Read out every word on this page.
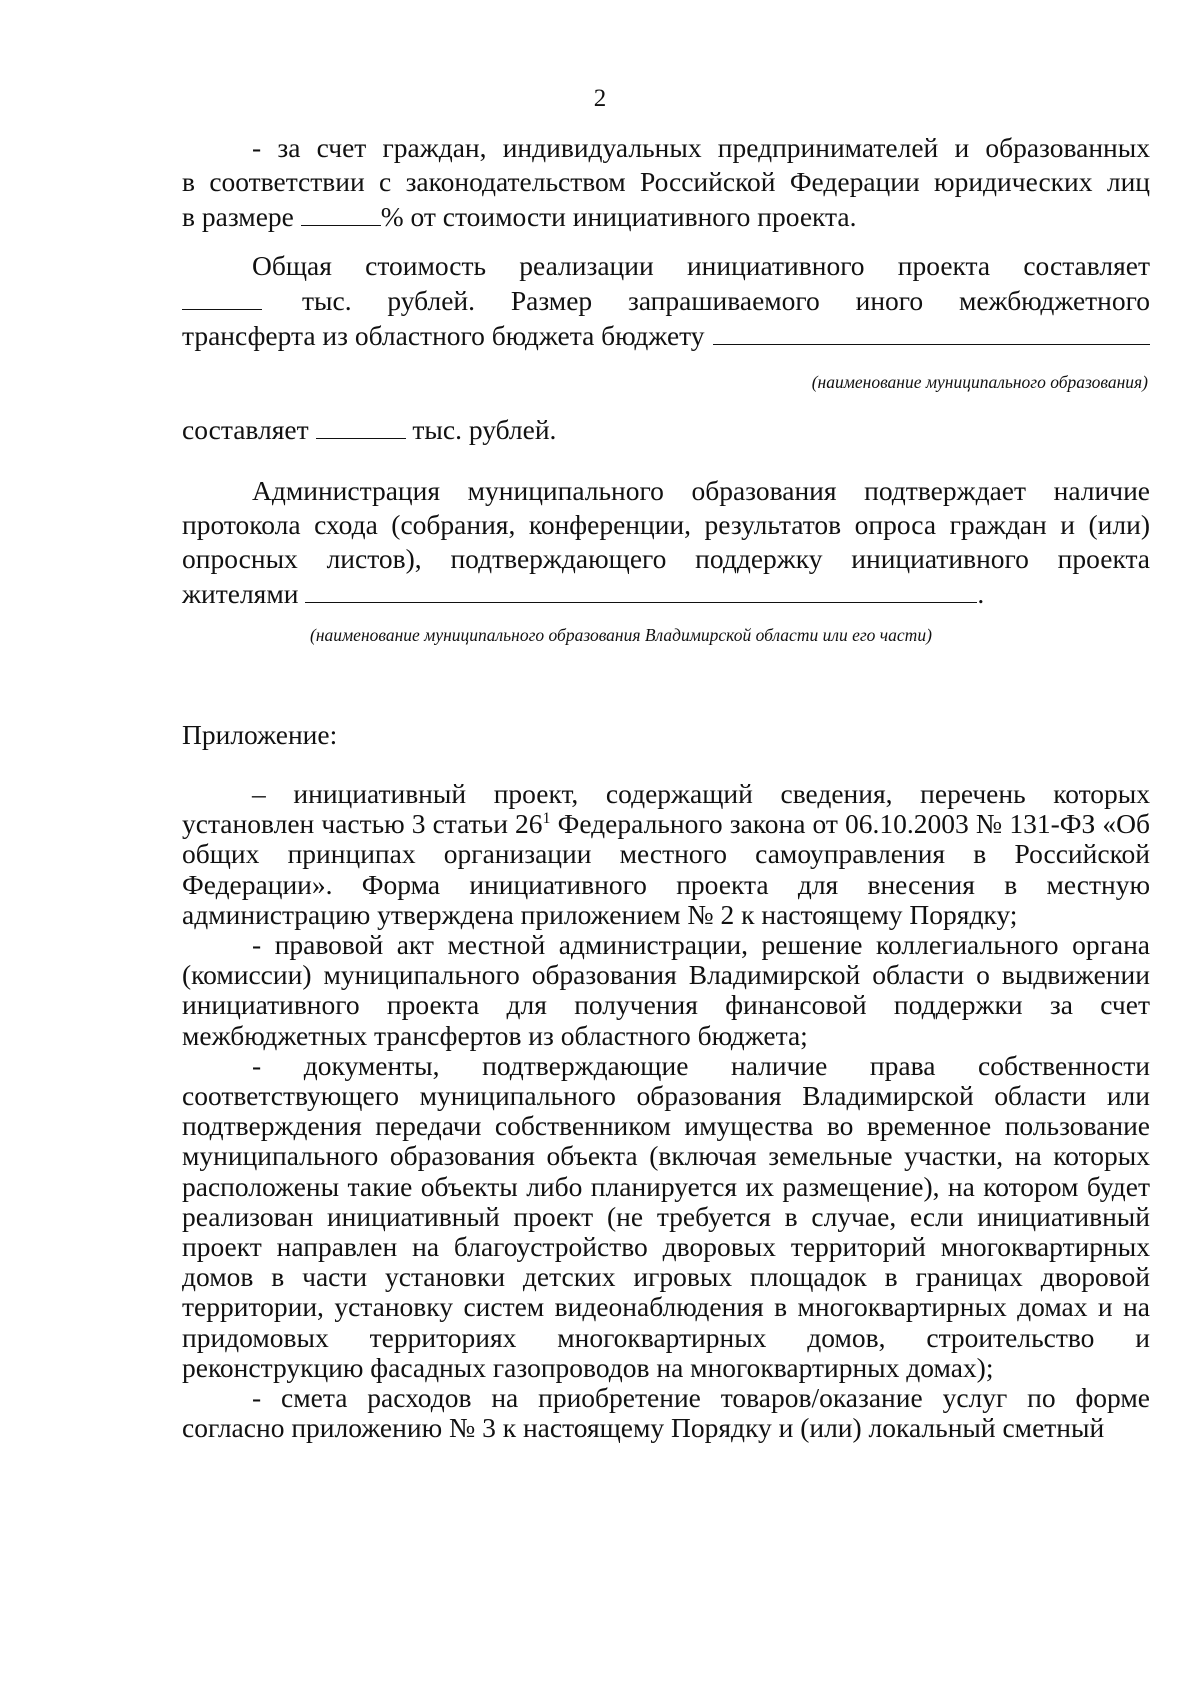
2
- за счет граждан, индивидуальных предпринимателей и образованных
в соответствии с законодательством Российской Федерации юридических лиц
в размере	% от стоимости инициативного проекта.
Общая стоимость реализации инициативного проекта составляет
тыс. рублей. Размер запрашиваемого иного межбюджетного
трансферта из областного бюджета бюджету
(наименование муниципального образования)
составляет	тыс. рублей.
Администрация муниципального образования подтверждает наличие
протокола схода (собрания, конференции, результатов опроса граждан и (или)
опросных листов), подтверждающего поддержку инициативного проекта
жителями	.
(наименование муниципального образования Владимирской области или его части)
Приложение:

– инициативный проект, содержащий сведения, перечень которых установлен частью 3 статьи $26^1$ Федерального закона от 06.10.2003 № 131-ФЗ «Об общих принципах организации местного самоуправления в Российской Федерации». Форма инициативного проекта для внесения в местную администрацию утверждена приложением № 2 к настоящему Порядку;

- правовой акт местной администрации, решение коллегиального органа (комиссии) муниципального образования Владимирской области о выдвижении инициативного проекта для получения финансовой поддержки за счет межбюджетных трансфертов из областного бюджета;

- документы, подтверждающие наличие права собственности соответствующего муниципального образования Владимирской области или подтверждения передачи собственником имущества во временное пользование муниципального образования объекта (включая земельные участки, на которых расположены такие объекты либо планируется их размещение), на котором будет реализован инициативный проект (не требуется в случае, если инициативный проект направлен на благоустройство дворовых территорий многоквартирных домов в части установки детских игровых площадок в границах дворовой территории, установку систем видеонаблюдения в многоквартирных домах и на придомовых территориях многоквартирных домов, строительство и реконструкцию фасадных газопроводов на многоквартирных домах);

- смета расходов на приобретение товаров/оказание услуг по форме согласно приложению № 3 к настоящему Порядку и (или) локальный сметный
